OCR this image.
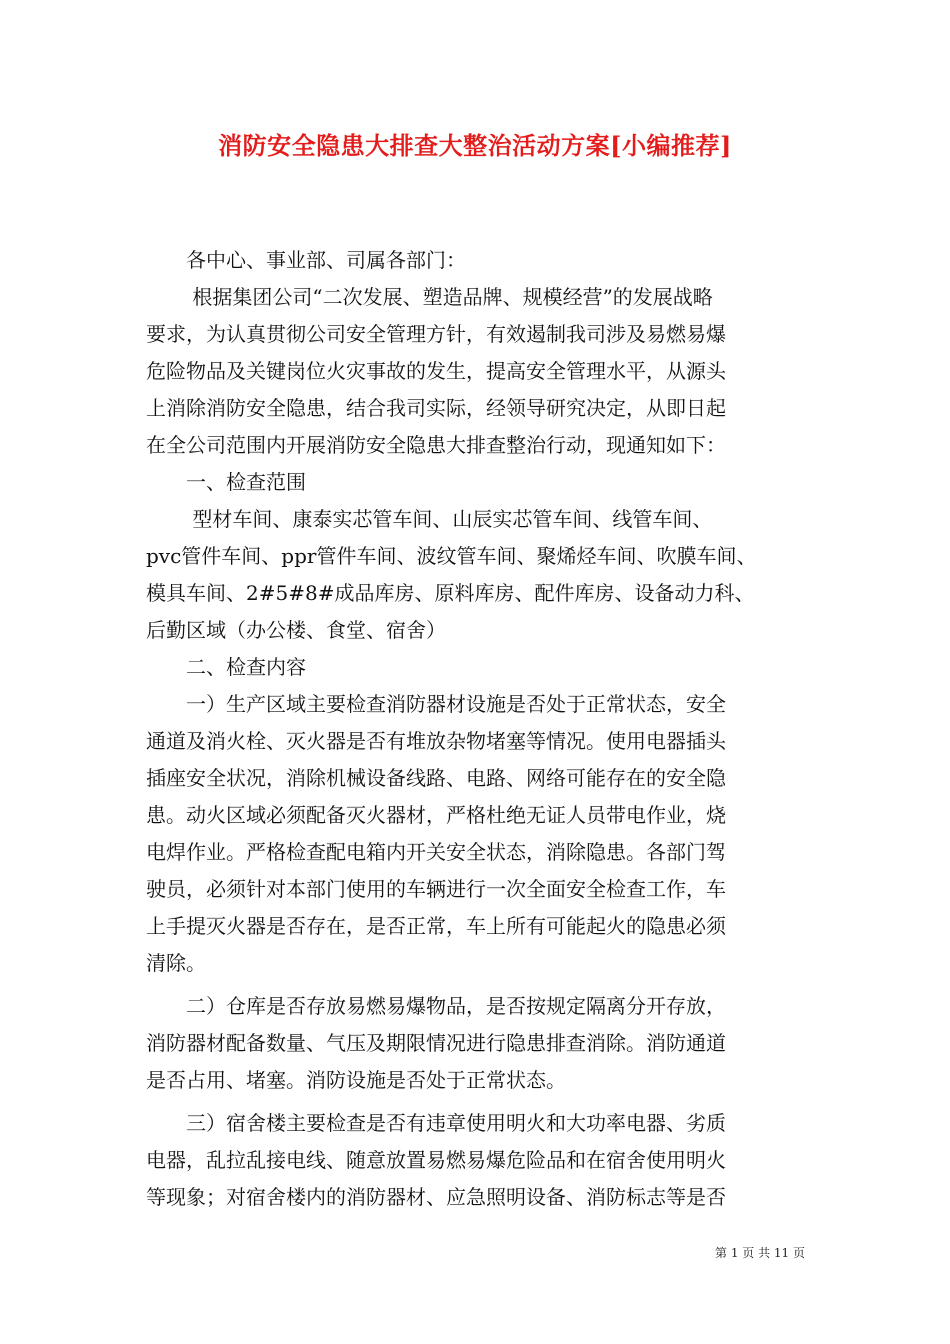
消防安全隐患大排查大整治活动方案[小编推荐]
　　各中心、事业部、司属各部门：
　　 根据集团公司“二次发展、塑造品牌、规模经营”的发展战略
要求，为认真贯彻公司安全管理方针，有效遏制我司涉及易燃易爆
危险物品及关键岗位火灾事故的发生，提高安全管理水平，从源头
上消除消防安全隐患，结合我司实际，经领导研究决定，从即日起
在全公司范围内开展消防安全隐患大排查整治行动，现通知如下：
　　一、检查范围
　　 型材车间、康泰实芯管车间、山辰实芯管车间、线管车间、
pvc管件车间、ppr管件车间、波纹管车间、聚烯烃车间、吹膜车间、
模具车间、2#5#8#成品库房、原料库房、配件库房、设备动力科、
后勤区域（办公楼、食堂、宿舍）
　　二、检查内容
　　一）生产区域主要检查消防器材设施是否处于正常状态，安全
通道及消火栓、灭火器是否有堆放杂物堵塞等情况。使用电器插头
插座安全状况，消除机械设备线路、电路、网络可能存在的安全隐
患。动火区域必须配备灭火器材，严格杜绝无证人员带电作业，烧
电焊作业。严格检查配电箱内开关安全状态，消除隐患。各部门驾
驶员，必须针对本部门使用的车辆进行一次全面安全检查工作，车
上手提灭火器是否存在，是否正常，车上所有可能起火的隐患必须
清除。
　　二）仓库是否存放易燃易爆物品，是否按规定隔离分开存放，
消防器材配备数量、气压及期限情况进行隐患排查消除。消防通道
是否占用、堵塞。消防设施是否处于正常状态。
　　三）宿舍楼主要检查是否有违章使用明火和大功率电器、劣质
电器，乱拉乱接电线、随意放置易燃易爆危险品和在宿舍使用明火
等现象；对宿舍楼内的消防器材、应急照明设备、消防标志等是否
第 1 页 共 11 页
